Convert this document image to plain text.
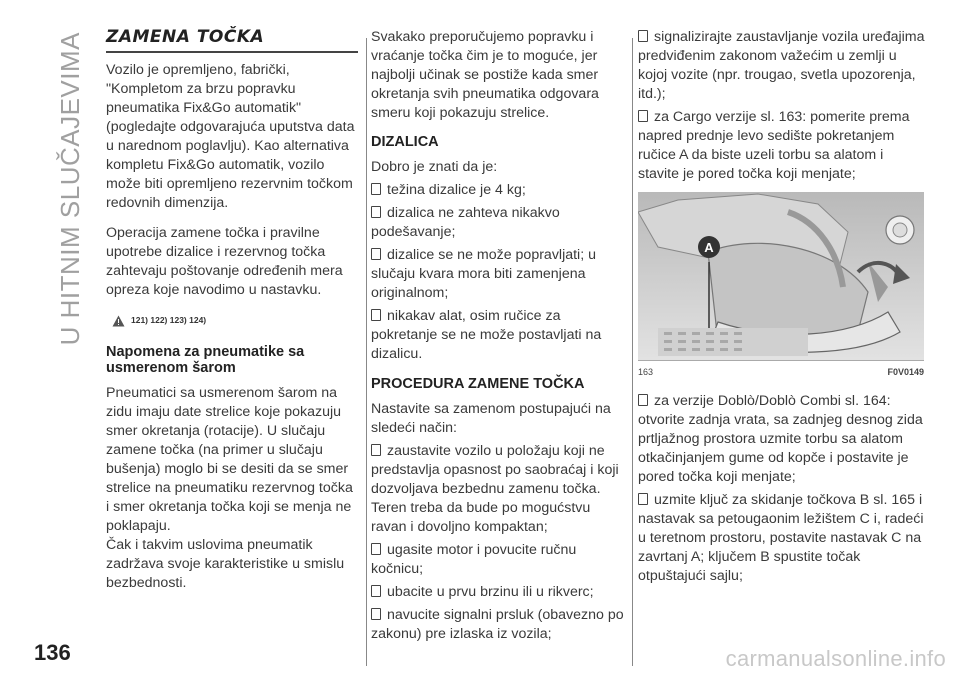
U HITNIM SLUČAJEVIMA ZAMENA TOČKA

Vozilo je opremljeno, fabrički, "Kompletom za brzu popravku pneumatika Fix&Go automatik" (pogledajte odgovarajuća uputstva data u narednom poglavlju). Kao alternativa kompletu Fix&Go automatik, vozilo može biti opremljeno rezervnim točkom redovnih dimenzija.

Operacija zamene točka i pravilne upotrebe dizalice i rezervnog točka zahtevaju poštovanje određenih mera opreza koje navodimo u nastavku.

121) 122) 123) 124)
Napomena za pneumatike sa usmerenom šarom

Pneumatici sa usmerenom šarom na zidu imaju date strelice koje pokazuju smer okretanja (rotacije). U slučaju zamene točka (na primer u slučaju bušenja) moglo bi se desiti da se smer strelice na pneumatiku rezervnog točka i smer okretanja točka koji se menja ne poklapaju.

Čak i takvim uslovima pneumatik zadržava svoje karakteristike u smislu bezbednosti.

Svakako preporučujemo popravku i vraćanje točka čim je to moguće, jer najbolji učinak se postiže kada smer okretanja svih pneumatika odgovara smeru koji pokazuju strelice.

DIZALICA

Dobro je znati da je:

težina dizalice je 4 kg;

dizalica ne zahteva nikakvo podešavanje;

dizalice se ne može popravljati; u slučaju kvara mora biti zamenjena originalnom;

nikakav alat, osim ručice za pokretanje se ne može postavljati na dizalicu.

PROCEDURA ZAMENE TOČKA

Nastavite sa zamenom postupajući na sledeći način:

zaustavite vozilo u položaju koji ne predstavlja opasnost po saobraćaj i koji dozvoljava bezbednu zamenu točka. Teren treba da bude po mogućstvu ravan i dovoljno kompaktan;

ugasite motor i povucite ručnu kočnicu;

ubacite u prvu brzinu ili u rikverc;

navucite signalni prsluk (obavezno po zakonu) pre izlaska iz vozila;

signalizirajte zaustavljanje vozila uređajima predviđenim zakonom važećim u zemlji u kojoj vozite (npr. trougao, svetla upozorenja, itd.);

za Cargo verzije sl. 163: pomerite prema napred prednje levo sedište pokretanjem ručice A da biste uzeli torbu sa alatom i stavite je pored točka koji menjate;

A
163	F0V0149

za verzije Doblò/Doblò Combi sl. 164: otvorite zadnja vrata, sa zadnjeg desnog zida prtljažnog prostora uzmite torbu sa alatom otkačinjanjem gume od kopče i postavite je pored točka koji menjate;

uzmite ključ za skidanje točkova B sl. 165 i nastavak sa petougaonim ležištem C i, radeći u teretnom prostoru, postavite nastavak C na zavrtanj A; ključem B spustite točak otpuštajući sajlu;

136	carmanualsonline.info
